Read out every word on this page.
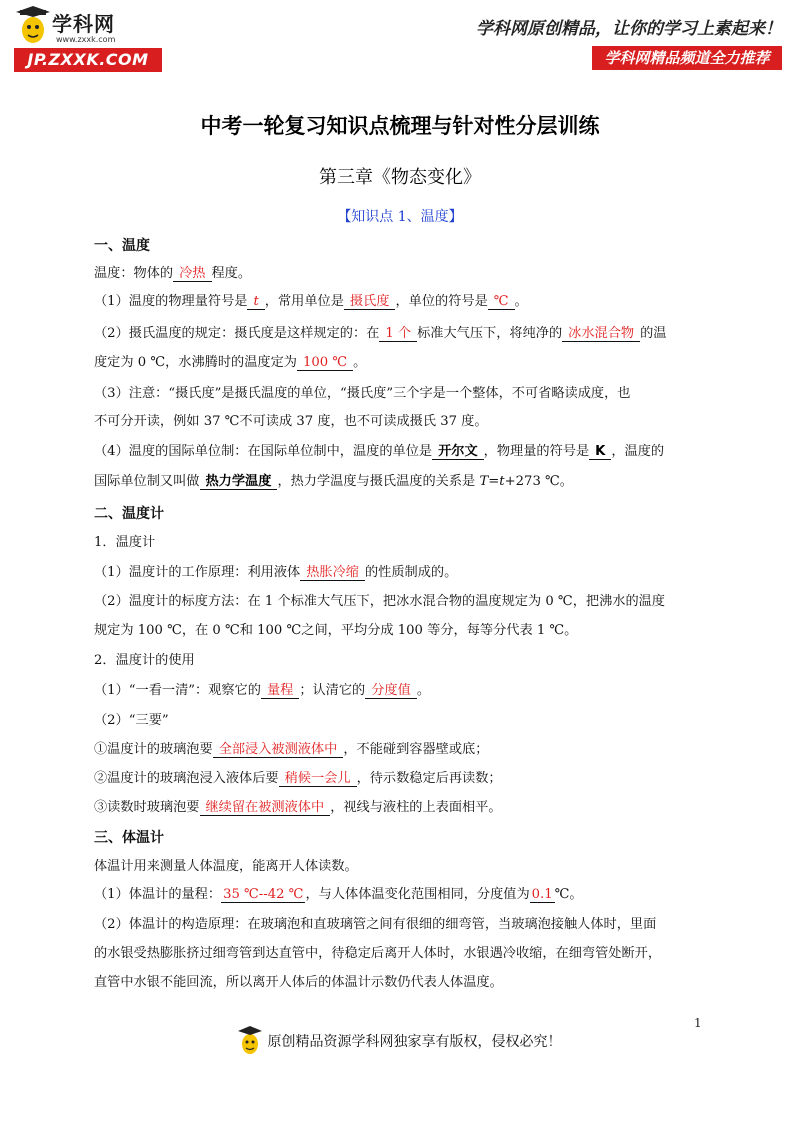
学科网
www.zxxk.com
JP.ZXXK.COM
学科网原创精品，让你的学习上素起来！
学科网精品频道全力推荐
中考一轮复习知识点梳理与针对性分层训练
第三章《物态变化》
【知识点 1、温度】
一、温度
温度：物体的 冷热 程度。
（1）温度的物理量符号是 t ，常用单位是 摄氏度 ，单位的符号是 ℃ 。
（2）摄氏温度的规定：摄氏度是这样规定的：在 1 个 标准大气压下，将纯净的 冰水混合物 的温
度定为 0 ℃，水沸腾时的温度定为 100 ℃ 。
（3）注意：“摄氏度”是摄氏温度的单位，“摄氏度”三个字是一个整体，不可省略读成度，也
不可分开读，例如 37 ℃不可读成 37 度，也不可读成摄氏 37 度。
（4）温度的国际单位制：在国际单位制中，温度的单位是 开尔文 ，物理量的符号是 K ，温度的
国际单位制又叫做 热力学温度 ，热力学温度与摄氏温度的关系是 T=t+273 ℃。
二、温度计
1．温度计
（1）温度计的工作原理：利用液体 热胀冷缩 的性质制成的。
（2）温度计的标度方法：在 1 个标准大气压下，把冰水混合物的温度规定为 0 ℃，把沸水的温度
规定为 100 ℃，在 0 ℃和 100 ℃之间，平均分成 100 等分，每等分代表 1 ℃。
2．温度计的使用
（1）“一看一清”：观察它的 量程 ；认清它的 分度值 。
（2）“三要”
①温度计的玻璃泡要 全部浸入被测液体中 ，不能碰到容器壁或底；
②温度计的玻璃泡浸入液体后要 稍候一会儿 ，待示数稳定后再读数；
③读数时玻璃泡要 继续留在被测液体中 ，视线与液柱的上表面相平。
三、体温计
体温计用来测量人体温度，能离开人体读数。
（1）体温计的量程： 35 ℃--42 ℃ ，与人体体温变化范围相同，分度值为 0.1 ℃。
（2）体温计的构造原理：在玻璃泡和直玻璃管之间有很细的细弯管，当玻璃泡接触人体时，里面
的水银受热膨胀挤过细弯管到达直管中，待稳定后离开人体时，水银遇冷收缩，在细弯管处断开，
直管中水银不能回流，所以离开人体后的体温计示数仍代表人体温度。
1
原创精品资源学科网独家享有版权，侵权必究！
